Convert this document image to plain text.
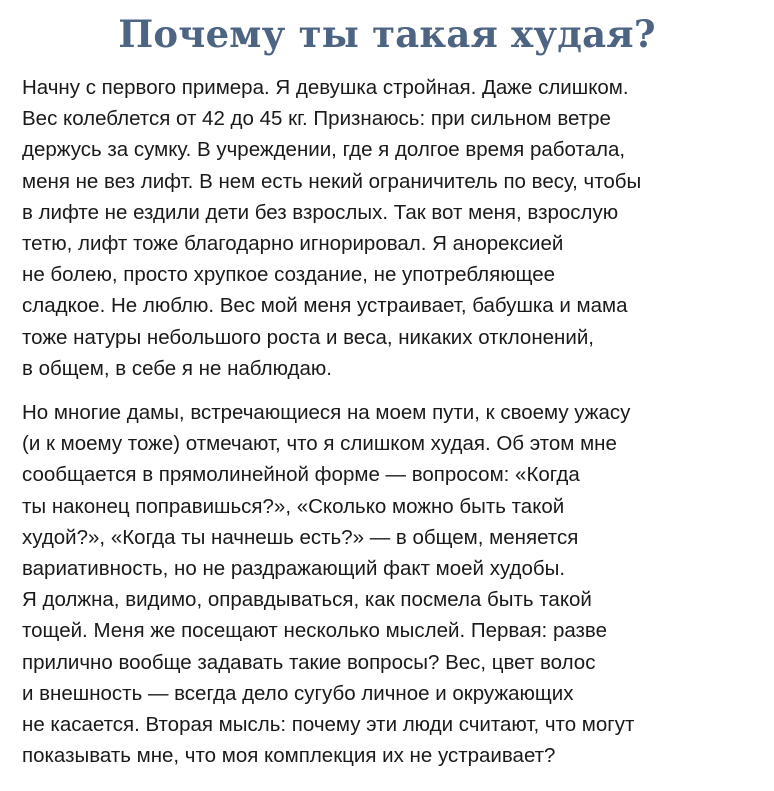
Почему ты такая худая?

Начну с первого примера. Я девушка стройная. Даже слишком.
Вес колеблется от 42 до 45 кг. Признаюсь: при сильном ветре
держусь за сумку. В учреждении, где я долгое время работала,
меня не вез лифт. В нем есть некий ограничитель по весу, чтобы
в лифте не ездили дети без взрослых. Так вот меня, взрослую
тетю, лифт тоже благодарно игнорировал. Я анорексией
не болею, просто хрупкое создание, не употребляющее
сладкое. Не люблю. Вес мой меня устраивает, бабушка и мама
тоже натуры небольшого роста и веса, никаких отклонений,
в общем, в себе я не наблюдаю.

Но многие дамы, встречающиеся на моем пути, к своему ужасу
(и к моему тоже) отмечают, что я слишком худая. Об этом мне
сообщается в прямолинейной форме — вопросом: «Когда
ты наконец поправишься?», «Сколько можно быть такой
худой?», «Когда ты начнешь есть?» — в общем, меняется
вариативность, но не раздражающий факт моей худобы.
Я должна, видимо, оправдываться, как посмела быть такой
тощей. Меня же посещают несколько мыслей. Первая: разве
прилично вообще задавать такие вопросы? Вес, цвет волос
и внешность — всегда дело сугубо личное и окружающих
не касается. Вторая мысль: почему эти люди считают, что могут
показывать мне, что моя комплекция их не устраивает?
